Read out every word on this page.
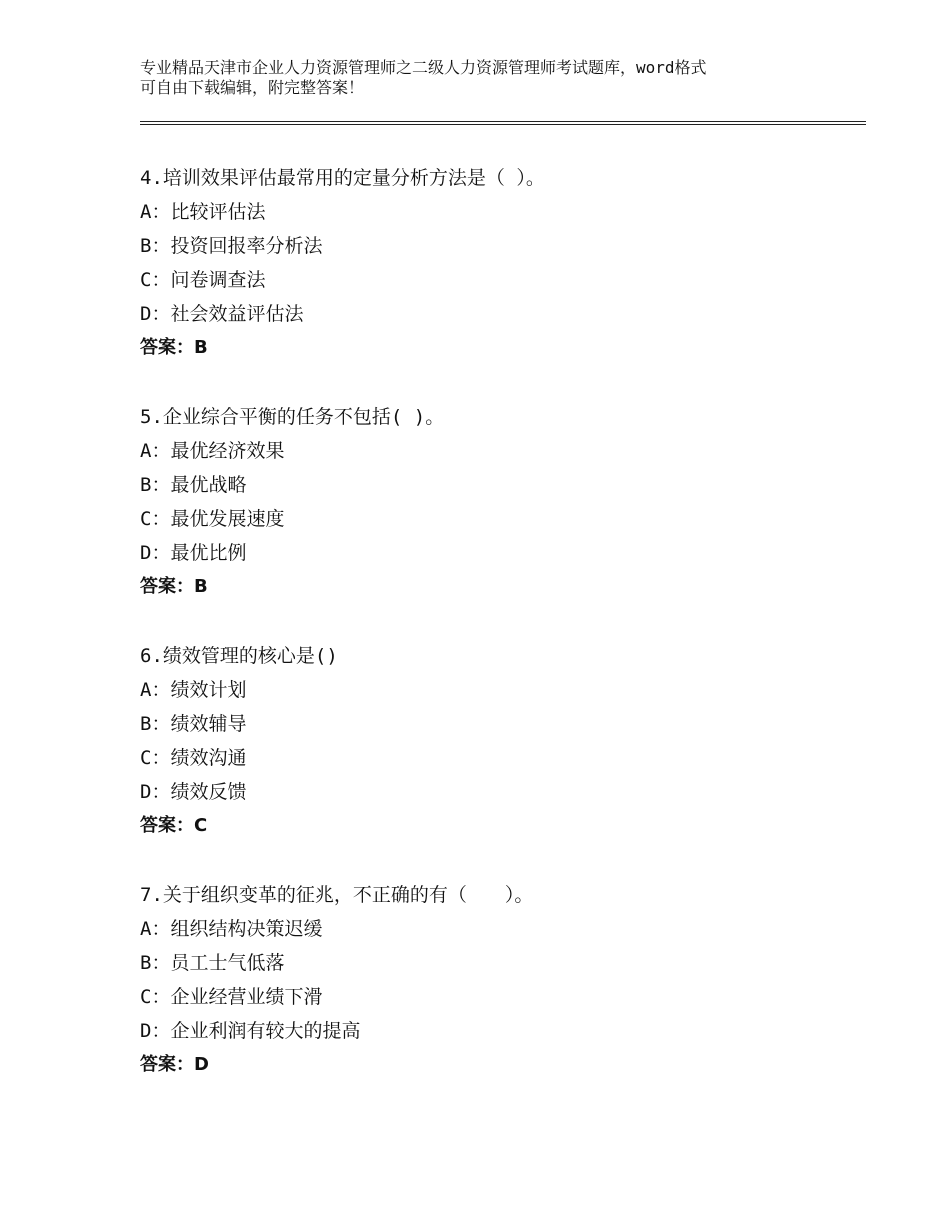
专业精品天津市企业人力资源管理师之二级人力资源管理师考试题库，word格式
可自由下载编辑，附完整答案！
4.培训效果评估最常用的定量分析方法是（ ）。
A：比较评估法
B：投资回报率分析法
C：问卷调查法
D：社会效益评估法
答案：B
5.企业综合平衡的任务不包括( )。
A：最优经济效果
B：最优战略
C：最优发展速度
D：最优比例
答案：B
6.绩效管理的核心是()
A：绩效计划
B：绩效辅导
C：绩效沟通
D：绩效反馈
答案：C
7.关于组织变革的征兆，不正确的有（　　）。
A：组织结构决策迟缓
B：员工士气低落
C：企业经营业绩下滑
D：企业利润有较大的提高
答案：D
